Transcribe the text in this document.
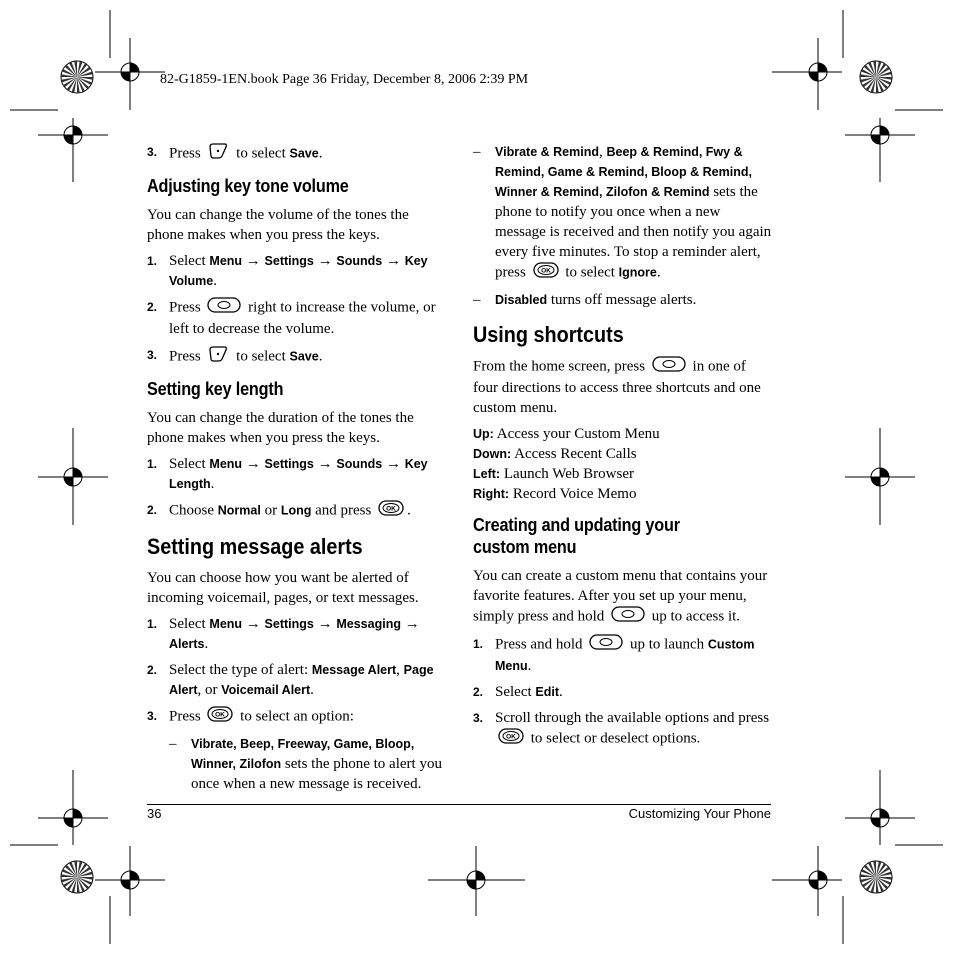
82-G1859-1EN.book Page 36 Friday, December 8, 2006 2:39 PM
3. Press to select Save.
Adjusting key tone volume

You can change the volume of the tones the phone makes when you press the keys.

1. Select Menu → Settings → Sounds → Key Volume.
2. Press	right to increase the volume, or left to decrease the volume.
3. Press to select Save.
Setting key length

You can change the duration of the tones the phone makes when you press the keys.

1. Select Menu → Settings → Sounds → Key Length.
2. Choose Normal or Long and press OK .
Setting message alerts

You can choose how you want be alerted of incoming voicemail, pages, or text messages.

1. Select Menu → Settings → Messaging → Alerts.
2. Select the type of alert: Message Alert, Page Alert, or Voicemail Alert.
3. Press OK to select an option:
– Vibrate, Beep, Freeway, Game, Bloop, Winner, Zilofon sets the phone to alert you once when a new message is received.
– Vibrate & Remind, Beep & Remind, Fwy & Remind, Game & Remind, Bloop & Remind, Winner & Remind, Zilofon & Remind sets the phone to notify you once when a new message is received and then notify you again every five minutes. To stop a reminder alert, press OK to select Ignore.
– Disabled turns off message alerts.
Using shortcuts

From the home screen, press	in one of four directions to access three shortcuts and one custom menu.

Up: Access your Custom Menu
Down: Access Recent Calls
Left: Launch Web Browser
Right: Record Voice Memo
Creating and updating your
custom menu

You can create a custom menu that contains your favorite features. After you set up your menu, simply press and hold	up to access it.

1. Press and hold	up to launch Custom Menu.
2. Select Edit.
3. Scroll through the available options and press
OK to select or deselect options.
36	Customizing Your Phone
